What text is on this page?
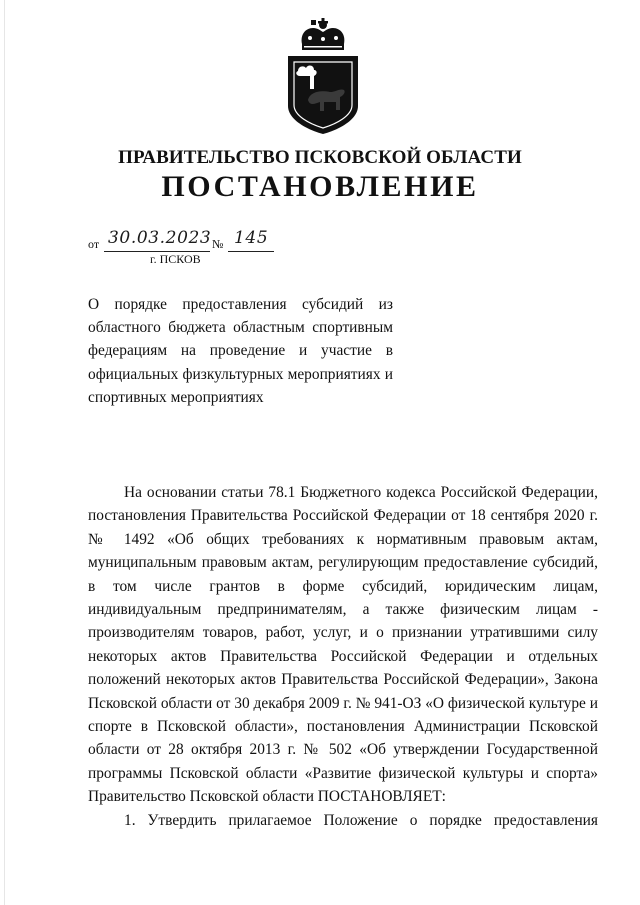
ПРАВИТЕЛЬСТВО ПСКОВСКОЙ ОБЛАСТИ
ПОСТАНОВЛЕНИЕ
от 30.03.2023 № 145
г. ПСКОВ
О порядке предоставления субсидий из областного бюджета областным спортивным федерациям на проведение и участие в официальных физкультурных мероприятиях и спортивных мероприятиях

На основании статьи 78.1 Бюджетного кодекса Российской Федерации, постановления Правительства Российской Федерации от 18 сентября 2020 г. № 1492 «Об общих требованиях к нормативным правовым актам, муниципальным правовым актам, регулирующим предоставление субсидий, в том числе грантов в форме субсидий, юридическим лицам, индивидуальным предпринимателям, а также физическим лицам - производителям товаров, работ, услуг, и о признании утратившими силу некоторых актов Правительства Российской Федерации и отдельных положений некоторых актов Правительства Российской Федерации», Закона Псковской области от 30 декабря 2009 г. № 941-ОЗ «О физической культуре и спорте в Псковской области», постановления Администрации Псковской области от 28 октября 2013 г. № 502 «Об утверждении Государственной программы Псковской области «Развитие физической культуры и спорта» Правительство Псковской области ПОСТАНОВЛЯЕТ:

1. Утвердить прилагаемое Положение о порядке предоставления
